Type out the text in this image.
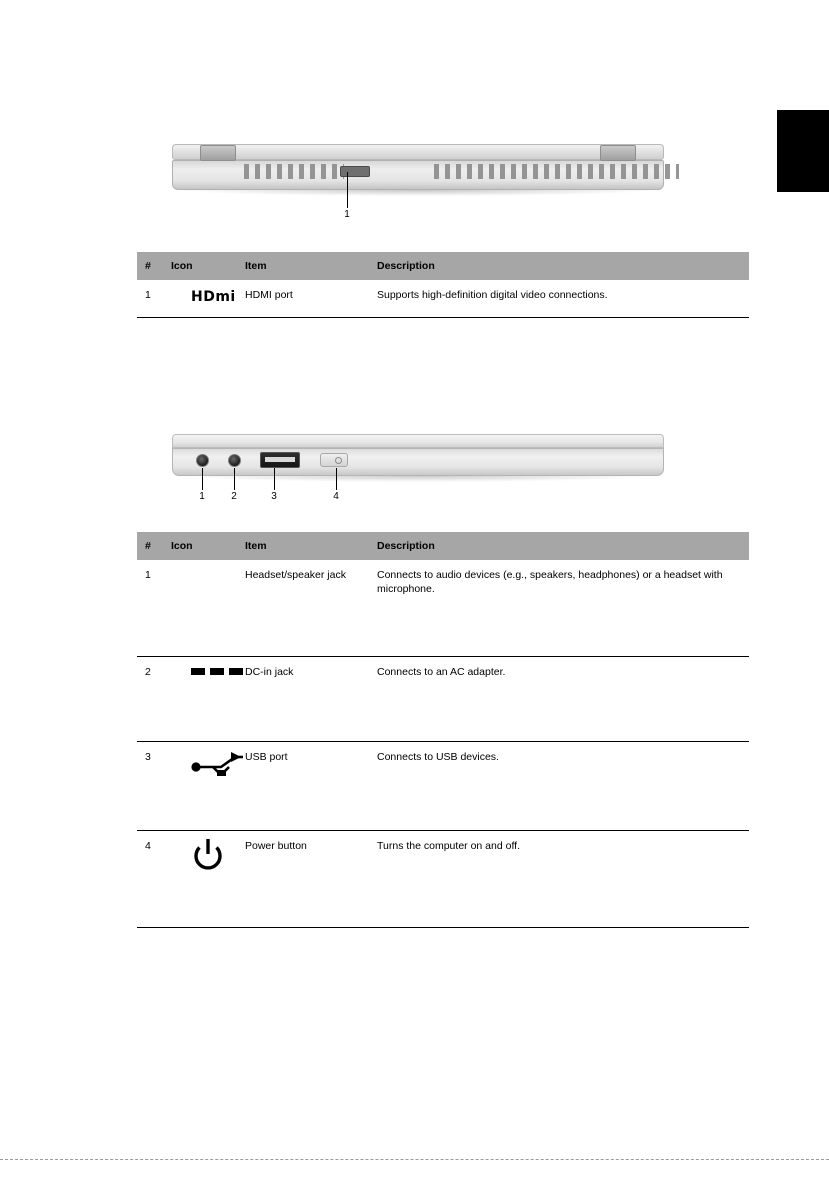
1
#	Icon	Item	Description
1	HDmi	HDMI port	Supports high-definition digital video connections.
1	2	3	4
#	Icon	Item	Description
1		Headset/speaker jack	Connects to audio devices (e.g., speakers, headphones) or a headset with microphone.
2		DC-in jack	Connects to an AC adapter.
3		USB port	Connects to USB devices.
4		Power button	Turns the computer on and off.
